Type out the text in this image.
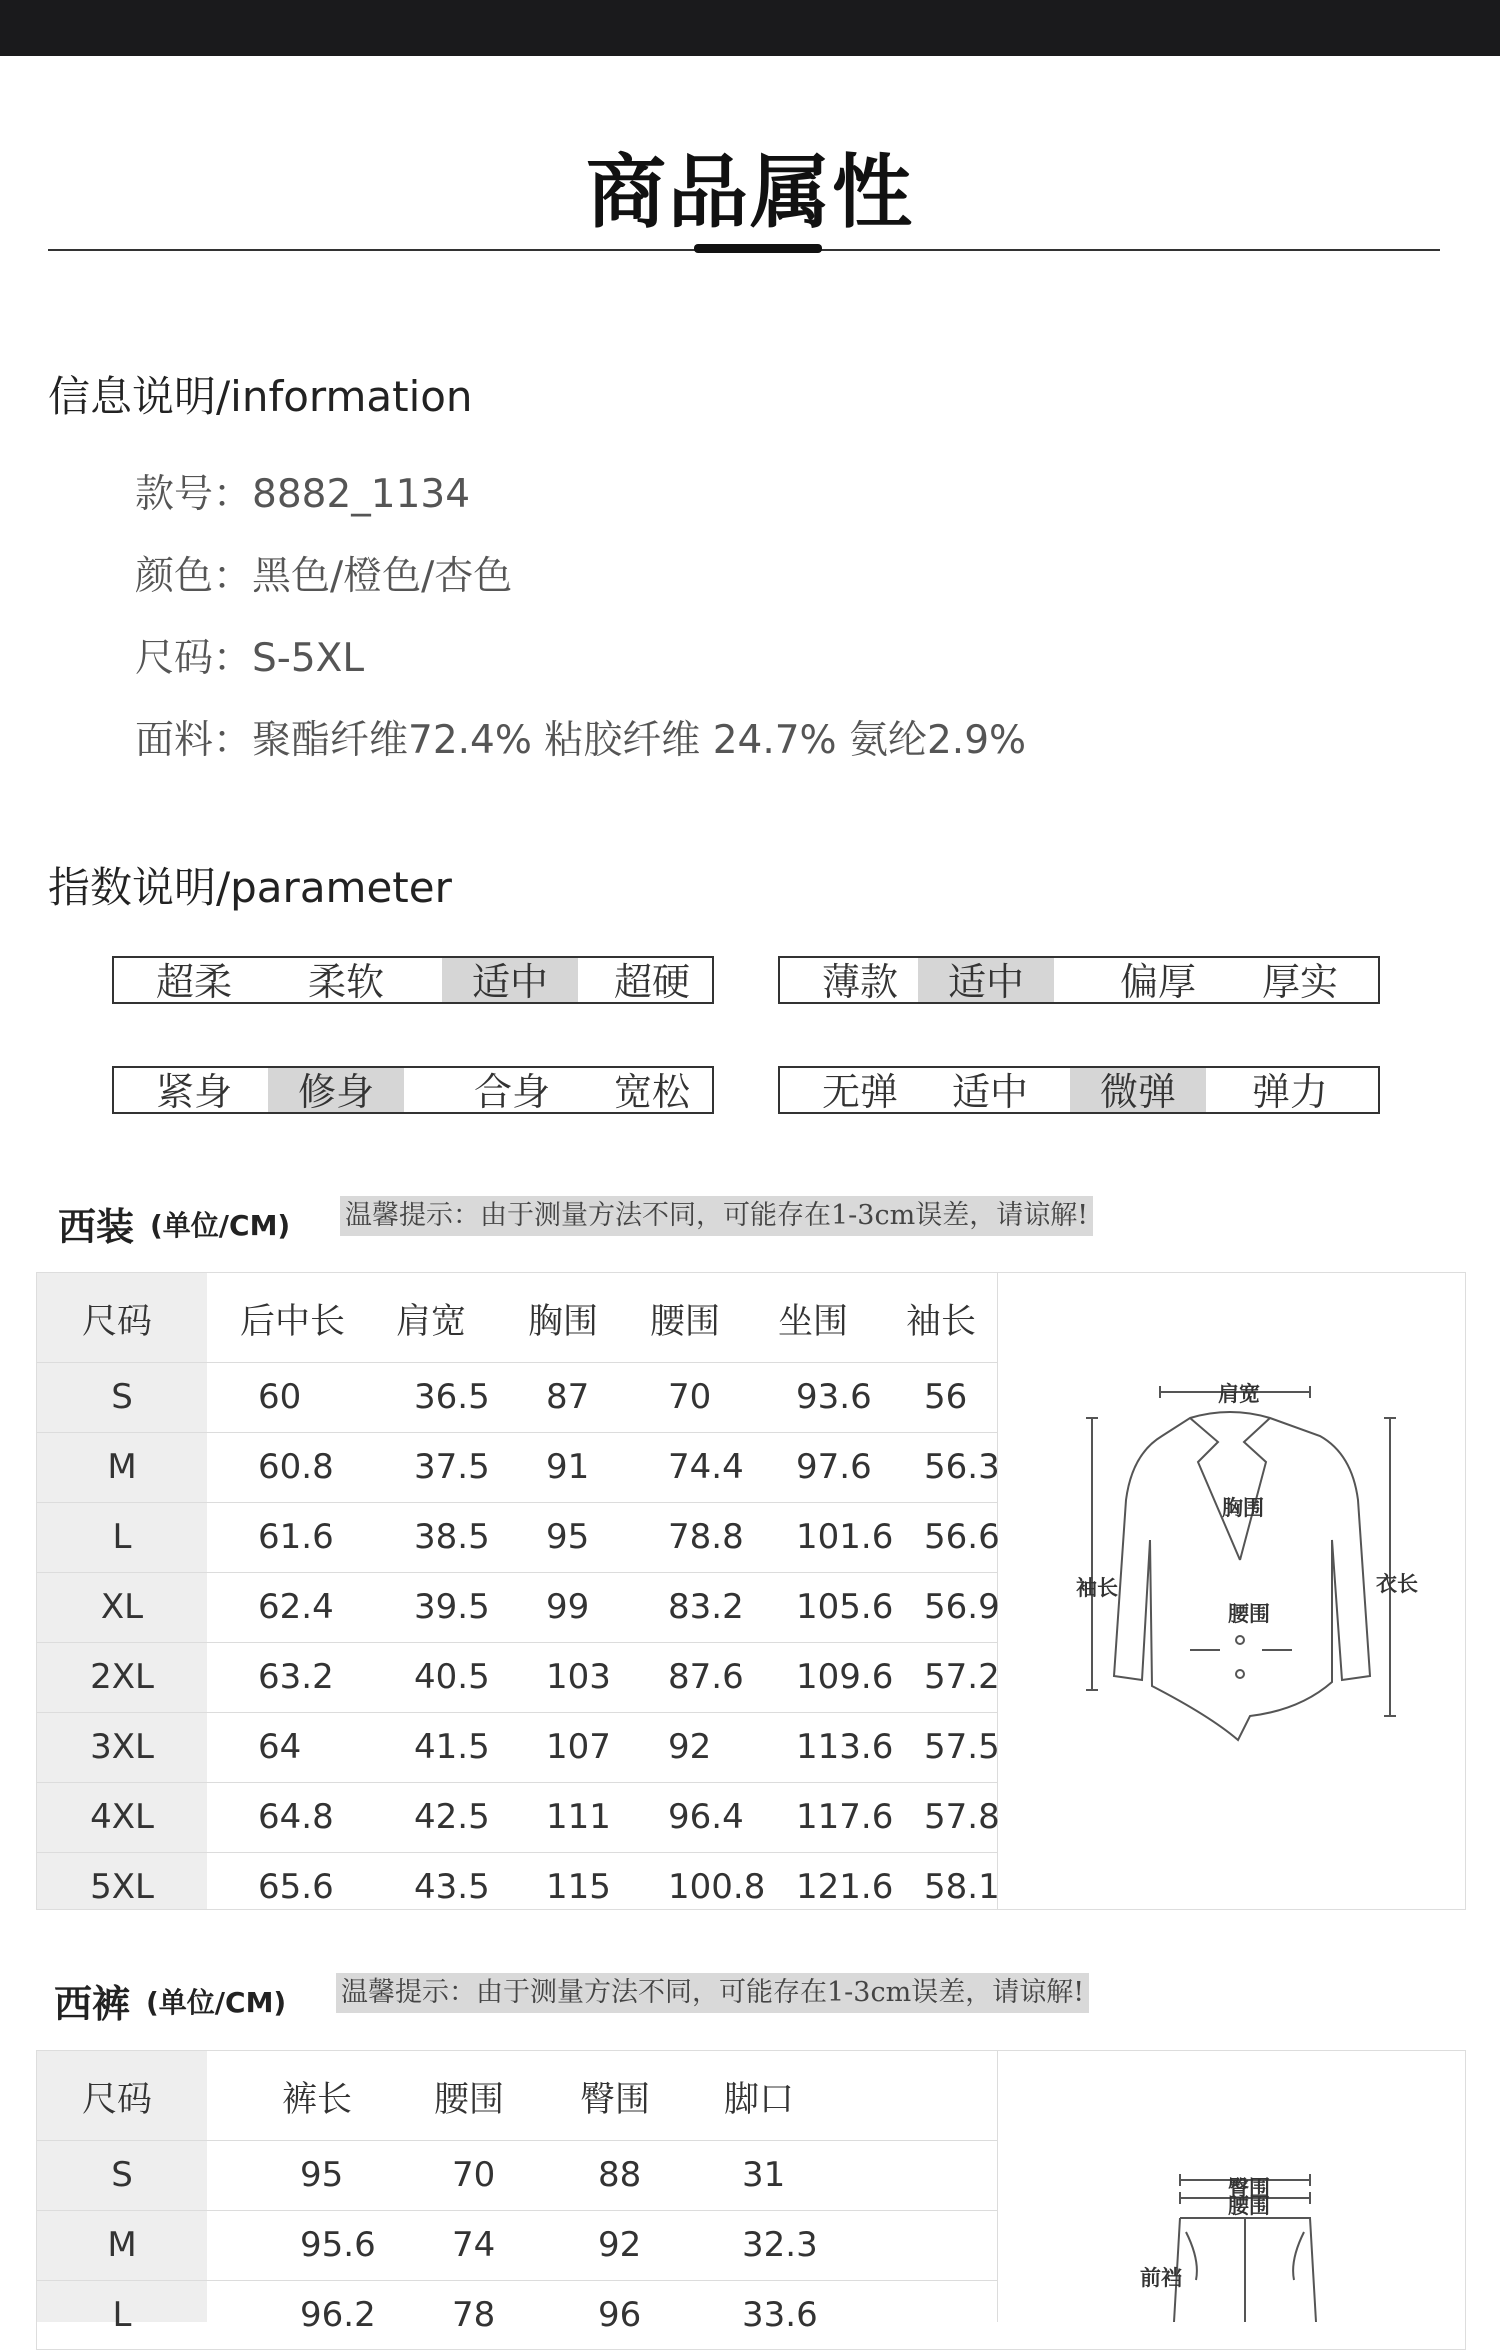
商品属性
信息说明/information
款号：8882_1134
颜色：黑色/橙色/杏色
尺码：S-5XL
面料：聚酯纤维72.4% 粘胶纤维 24.7% 氨纶2.9%
指数说明/parameter
超柔	柔软	适中	超硬	薄款	适中	偏厚	厚实
紧身	修身	合身	宽松	无弹	适中	微弹	弹力
西装 (单位/CM) 温馨提示：由于测量方法不同，可能存在1-3cm误差，请谅解!
尺码	后中长 肩宽 胸围 腰围 坐围 袖长
S	60	36.5 87 70 93.6 56
M	60.8 37.5 91 74.4 97.6 56.3
L	61.6 38.5 95 78.8 101.6 56.6
XL	62.4 39.5 99 83.2 105.6 56.9
2XL	63.2 40.5 103 87.6 109.6 57.2
3XL	64	41.5 107 92 113.6 57.5
4XL	64.8 42.5 111 96.4 117.6 57.8
5XL	65.6 43.5 115 100.8 121.6 58.1
肩宽
胸围
袖长
腰围
衣长
西裤 (单位/CM) 温馨提示：由于测量方法不同，可能存在1-3cm误差，请谅解!
尺码	裤长 腰围 臀围 脚口
S	95	70	88	31
M	95.6 74	92	32.3
L	96.2 78	96	33.6
臀围
腰围
前裆
